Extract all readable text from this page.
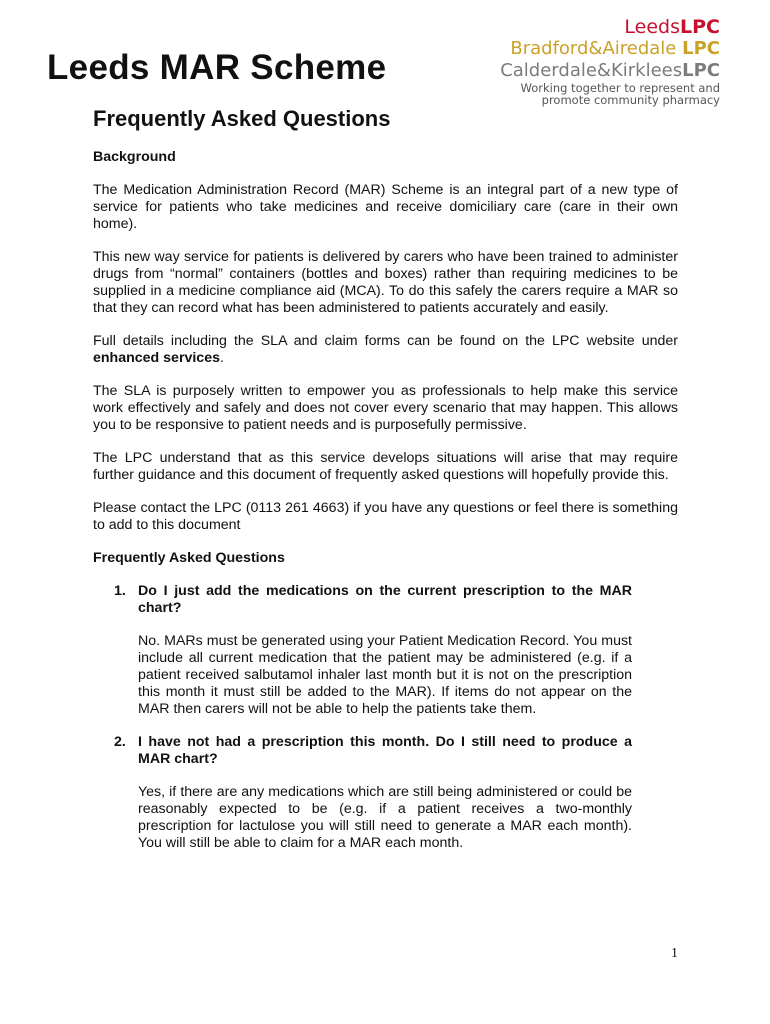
Leeds MAR Scheme
LeedsLPC
Bradford&Airedale LPC
Calderdale&KirkleesLPC
Working together to represent and
promote community pharmacy
Frequently Asked Questions
Background

The Medication Administration Record (MAR) Scheme is an integral part of a new type of service for patients who take medicines and receive domiciliary care (care in their own home).

This new way service for patients is delivered by carers who have been trained to administer drugs from “normal” containers (bottles and boxes) rather than requiring medicines to be supplied in a medicine compliance aid (MCA). To do this safely the carers require a MAR so that they can record what has been administered to patients accurately and easily.

Full details including the SLA and claim forms can be found on the LPC website under enhanced services.

The SLA is purposely written to empower you as professionals to help make this service work effectively and safely and does not cover every scenario that may happen. This allows you to be responsive to patient needs and is purposefully permissive.

The LPC understand that as this service develops situations will arise that may require further guidance and this document of frequently asked questions will hopefully provide this.

Please contact the LPC (0113 261 4663) if you have any questions or feel there is something to add to this document

Frequently Asked Questions
1. Do I just add the medications on the current prescription to the MAR chart?

No. MARs must be generated using your Patient Medication Record. You must include all current medication that the patient may be administered (e.g. if a patient received salbutamol inhaler last month but it is not on the prescription this month it must still be added to the MAR). If items do not appear on the MAR then carers will not be able to help the patients take them.

2. I have not had a prescription this month. Do I still need to produce a MAR chart?

Yes, if there are any medications which are still being administered or could be reasonably expected to be (e.g. if a patient receives a two-monthly prescription for lactulose you will still need to generate a MAR each month). You will still be able to claim for a MAR each month.

1
